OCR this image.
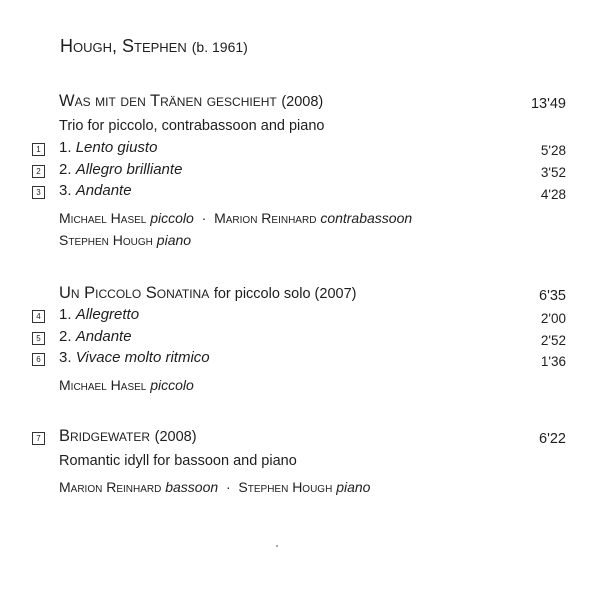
Hough, Stephen (b. 1961)
Was mit den Tränen geschieht (2008)	13'49
Trio for piccolo, contrabassoon and piano
1 1. Lento giusto	5'28
2 2. Allegro brilliante	3'52
3 3. Andante	4'28
Michael Hasel piccolo · Marion Reinhard contrabassoon
Stephen Hough piano
Un Piccolo Sonatina for piccolo solo (2007)	6'35
4 1. Allegretto	2'00
5 2. Andante	2'52
6 3. Vivace molto ritmico	1'36
Michael Hasel piccolo
7 Bridgewater (2008)	6'22
Romantic idyll for bassoon and piano
Marion Reinhard bassoon · Stephen Hough piano
